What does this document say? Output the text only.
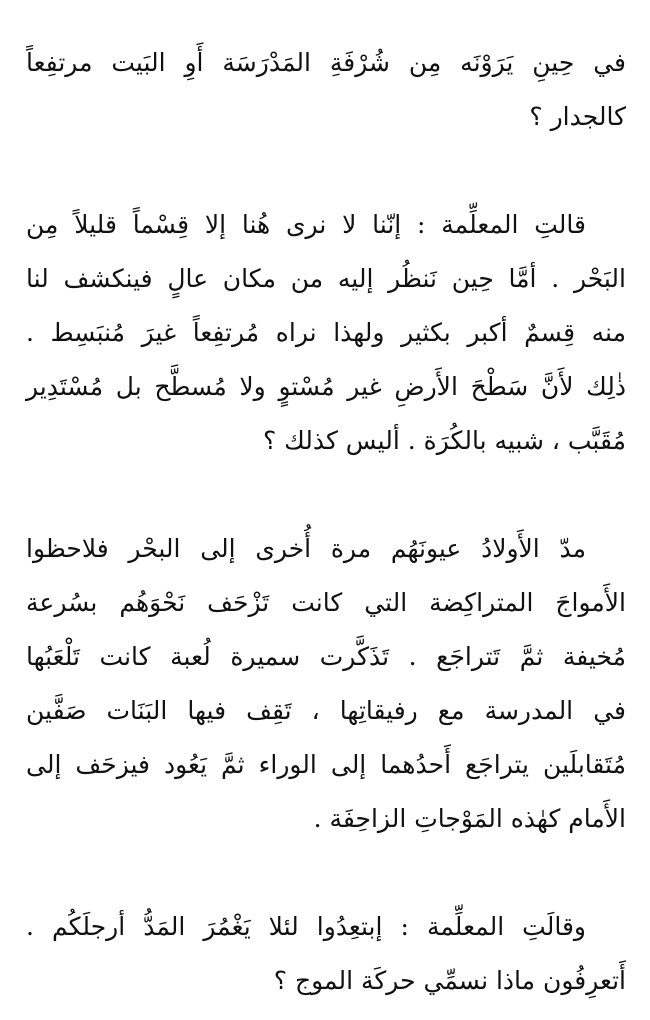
في حِينِ يَرَوْنَه مِن شُرْفَةِ المَدْرَسَة أَوِ البَيت مرتفِعاً
كالجدار ؟
قالتِ المعلِّمة : إنّنا لا نرى هُنا إلا قِسْماً قليلاً مِن
البَحْر . أمَّا حِين نَنظُر إليه من مكان عالٍ فينكشف لنا
منه قِسمٌ أكبر بكثير ولهذا نراه مُرتفِعاً غيرَ مُنبَسِط .
ذٰلِك لأَنَّ سَطْحَ الأَرضِ غير مُسْتوٍ ولا مُسطَّح بل مُسْتَدِير
مُقَبَّب ، شبيه بالكُرَة . أليس كذلك ؟
مدّ الأَولادُ عيونَهُم مرة أُخرى إلى البحْر فلاحظوا
الأَمواجَ المتراكِضة التي كانت تَزْحَف نَحْوَهُم بسُرعة
مُخيفة ثمَّ تَتراجَع . تَذَكَّرت سميرة لُعبة كانت تَلْعَبُها
في المدرسة مع رفيقاتِها ، تَقِف فيها البَنَات صَفَّين
مُتَقابلَين يتراجَع أَحدُهما إلى الوراء ثمَّ يَعُود فيزحَف إلى
الأَمام كهٰذه المَوْجاتِ الزاحِفَة .
وقالَتِ المعلِّمة : إبتعِدُوا لئلا يَغْمُرَ المَدُّ أرجلَكُم .
أَتعرِفُون ماذا نسمِّي حركَة الموج ؟
